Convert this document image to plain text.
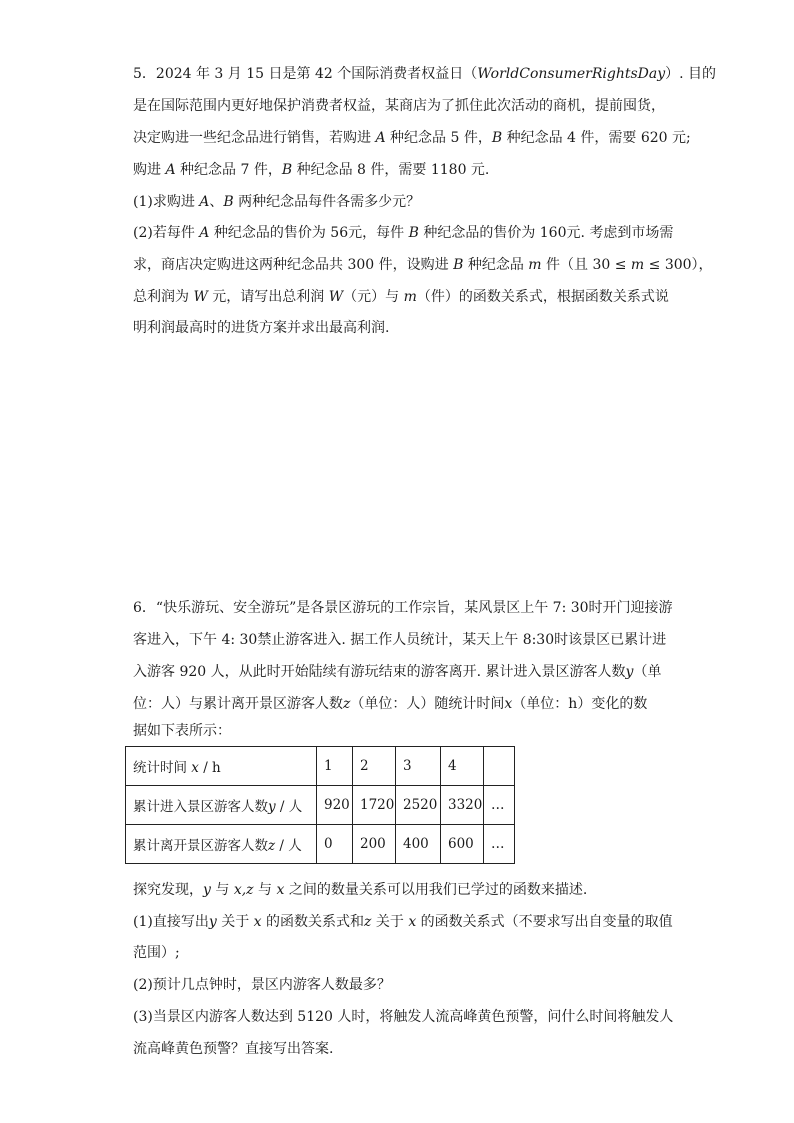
5．2024 年 3 月 15 日是第 42 个国际消费者权益日（WorldConsumerRightsDay）. 目的
是在国际范围内更好地保护消费者权益，某商店为了抓住此次活动的商机，提前囤货，
决定购进一些纪念品进行销售，若购进 A 种纪念品 5 件，B 种纪念品 4 件，需要 620 元;
购进 A 种纪念品 7 件，B 种纪念品 8 件，需要 1180 元.
(1)求购进 A、B 两种纪念品每件各需多少元？
(2)若每件 A 种纪念品的售价为 56元，每件 B 种纪念品的售价为 160元. 考虑到市场需
求，商店决定购进这两种纪念品共 300 件，设购进 B 种纪念品 m 件（且 30 ≤ m ≤ 300），
总利润为 W 元，请写出总利润 W（元）与 m（件）的函数关系式，根据函数关系式说
明利润最高时的进货方案并求出最高利润.
6．“快乐游玩、安全游玩”是各景区游玩的工作宗旨，某风景区上午 7: 30时开门迎接游
客进入，下午 4: 30禁止游客进入. 据工作人员统计，某天上午 8:30时该景区已累计进
入游客 920 人，从此时开始陆续有游玩结束的游客离开. 累计进入景区游客人数y（单
位：人）与累计离开景区游客人数z（单位：人）随统计时间x（单位：h）变化的数
据如下表所示：
统计时间 x / h	1	2	3	4	
累计进入景区游客人数y / 人	920	1720	2520	3320	…
累计离开景区游客人数z / 人	0	200	400	600	…
探究发现，y 与 x,z 与 x 之间的数量关系可以用我们已学过的函数来描述.
(1)直接写出y 关于 x 的函数关系式和z 关于 x 的函数关系式（不要求写出自变量的取值
范围）;
(2)预计几点钟时，景区内游客人数最多？
(3)当景区内游客人数达到 5120 人时，将触发人流高峰黄色预警，问什么时间将触发人
流高峰黄色预警？直接写出答案.
